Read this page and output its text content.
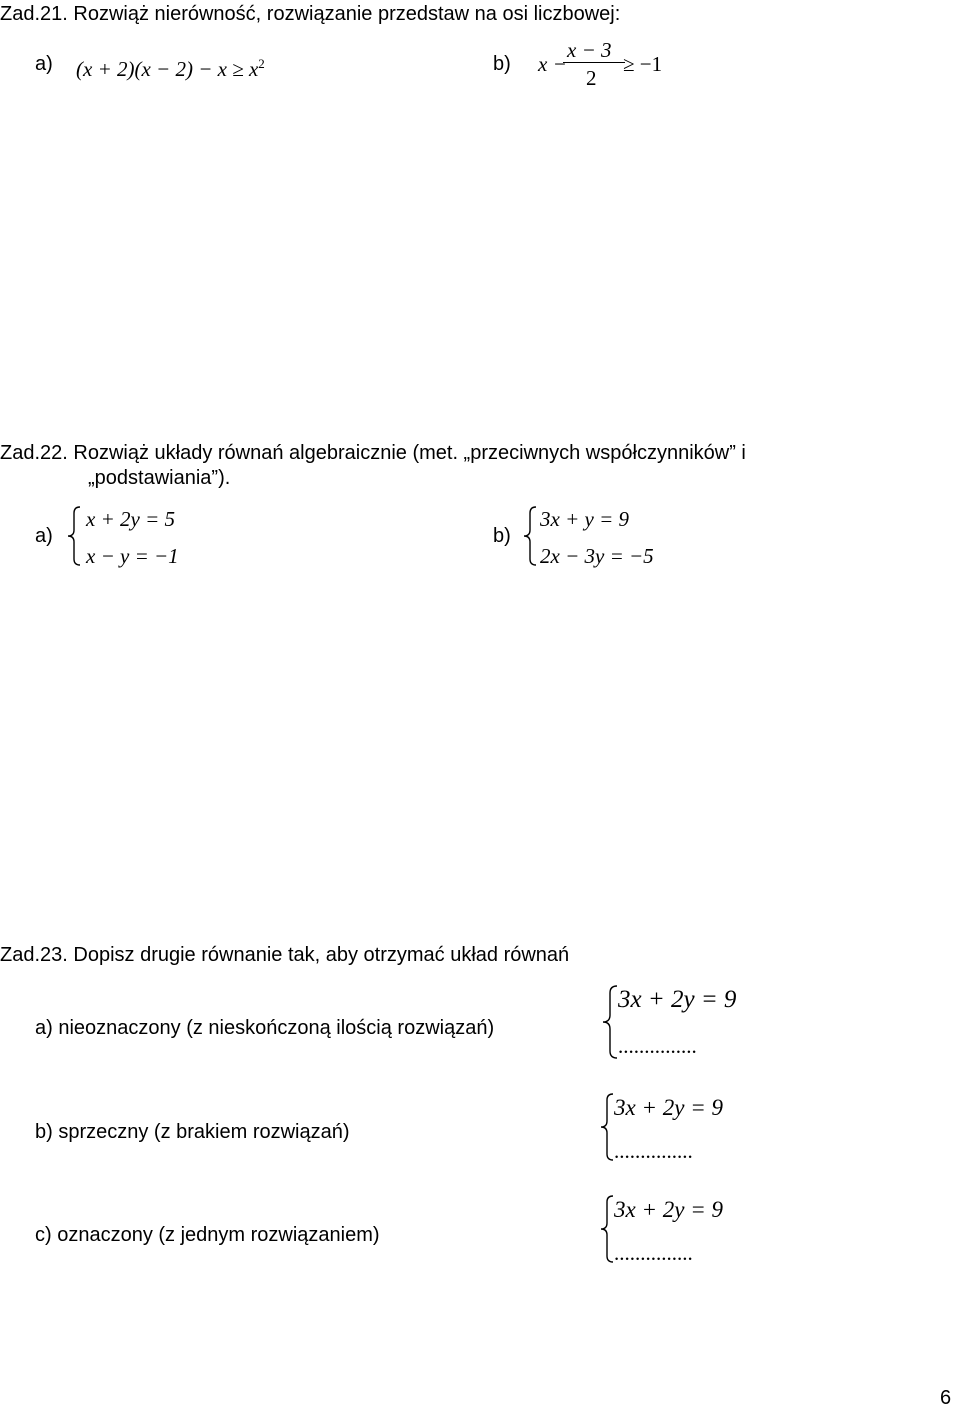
Zad.21. Rozwiąż nierówność, rozwiązanie przedstaw na osi liczbowej:
a) $(x + 2)(x - 2) - x \ge x^2$	b) x −
x − 3
2
≥ −1
Zad.22. Rozwiąż układy równań algebraicznie (met. „przeciwnych współczynników” i
„podstawiania”).
a)
x + 2y = 5
x − y = −1
b)
3x + y = 9
2x − 3y = −5
Zad.23. Dopisz drugie równanie tak, aby otrzymać układ równań
a) nieoznaczony (z nieskończoną ilością rozwiązań)
3x + 2y = 9
...............
b) sprzeczny (z brakiem rozwiązań)
3x + 2y = 9
...............
c) oznaczony (z jednym rozwiązaniem)
3x + 2y = 9
...............
6
